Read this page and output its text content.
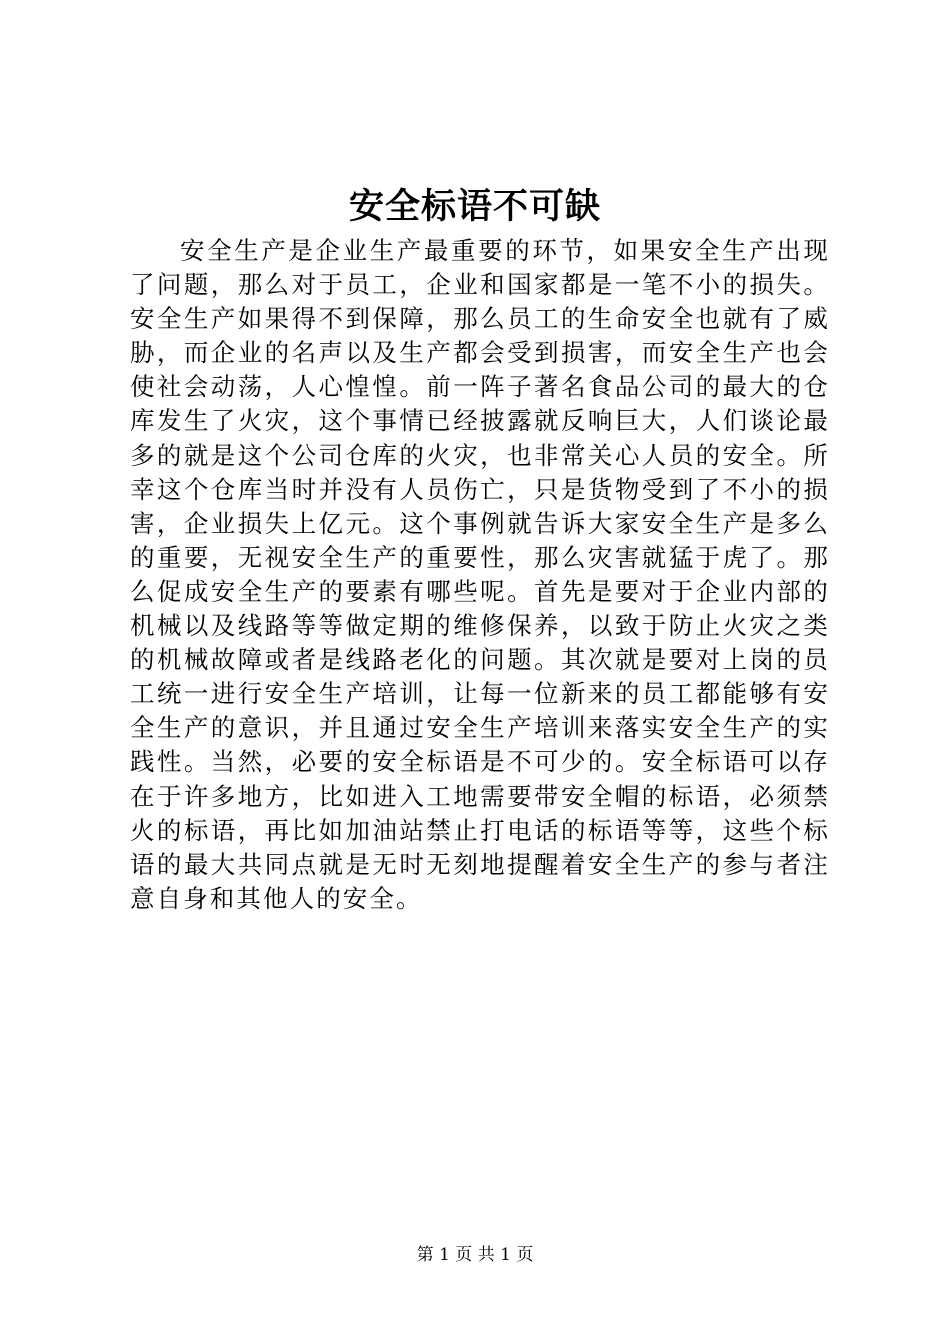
安全标语不可缺

安全生产是企业生产最重要的环节，如果安全生产出现了问题，那么对于员工，企业和国家都是一笔不小的损失。安全生产如果得不到保障，那么员工的生命安全也就有了威胁，而企业的名声以及生产都会受到损害，而安全生产也会使社会动荡，人心惶惶。前一阵子著名食品公司的最大的仓库发生了火灾，这个事情已经披露就反响巨大，人们谈论最多的就是这个公司仓库的火灾，也非常关心人员的安全。所幸这个仓库当时并没有人员伤亡，只是货物受到了不小的损害，企业损失上亿元。这个事例就告诉大家安全生产是多么的重要，无视安全生产的重要性，那么灾害就猛于虎了。那么促成安全生产的要素有哪些呢。首先是要对于企业内部的机械以及线路等等做定期的维修保养，以致于防止火灾之类的机械故障或者是线路老化的问题。其次就是要对上岗的员工统一进行安全生产培训，让每一位新来的员工都能够有安全生产的意识，并且通过安全生产培训来落实安全生产的实践性。当然，必要的安全标语是不可少的。安全标语可以存在于许多地方，比如进入工地需要带安全帽的标语，必须禁火的标语，再比如加油站禁止打电话的标语等等，这些个标语的最大共同点就是无时无刻地提醒着安全生产的参与者注意自身和其他人的安全。

第 1 页 共 1 页
